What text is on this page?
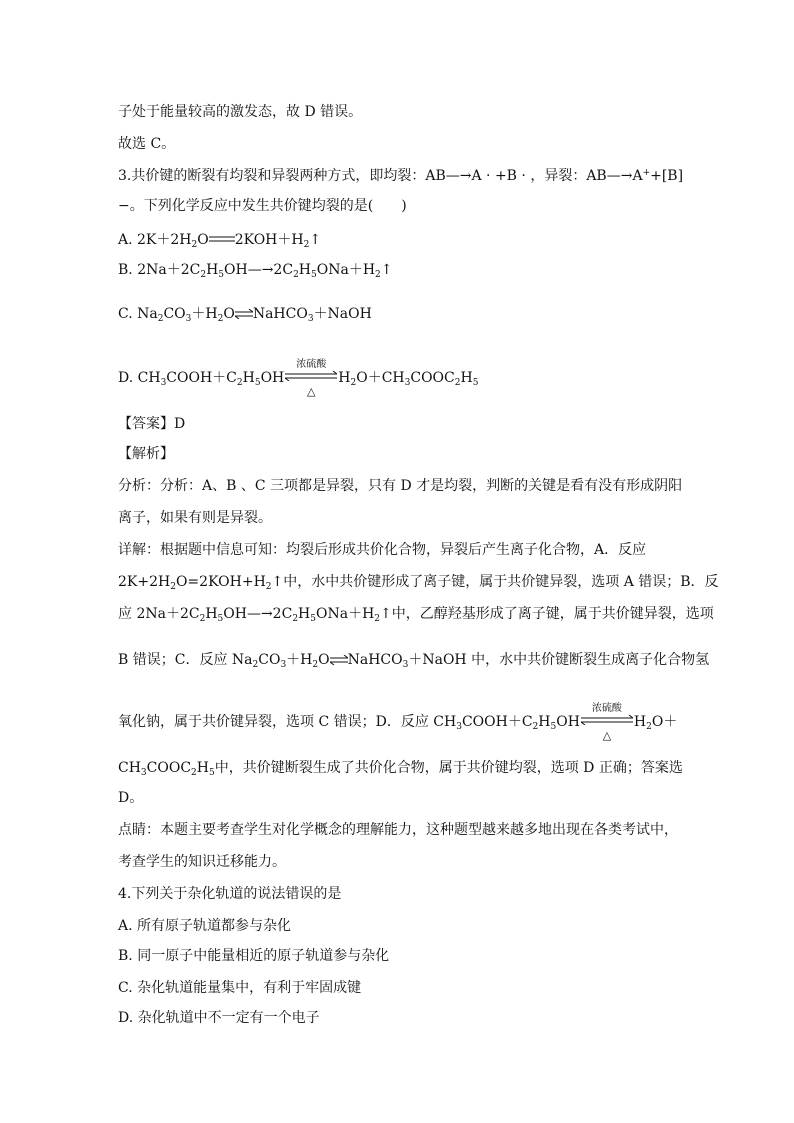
子处于能量较高的激发态，故 D 错误。
故选 C。
3.共价键的断裂有均裂和异裂两种方式，即均裂：AB—→A · +B · ，异裂：AB—→A++[B]
−。下列化学反应中发生共价键均裂的是(　　)
A. $2K+2H_2O$ $2KOH+H_2↑$
B. $2Na+2C_2H_5OH—\to 2C_2H_5ONa+H_2↑$
C. $Na_2CO_3+H_2O\rightleftharpoons NaHCO_3+NaOH$
D. $CH_3COOH+C_2H_5OH$
浓硫酸
△
$H_2O+CH_3COOC_2H_5$
【答案】D
【解析】
分析：分析：A、B 、C 三项都是异裂，只有 D 才是均裂，判断的关键是看有没有形成阴阳
离子，如果有则是异裂。
详解：根据题中信息可知：均裂后形成共价化合物，异裂后产生离子化合物，A．反应
$2K+2H_2O=2KOH+H_2↑$中，水中共价键形成了离子键，属于共价键异裂，选项 A 错误；B．反
应 $2Na+2C_2H_5OH—\to 2C_2H_5ONa+H_2↑$中，乙醇羟基形成了离子键，属于共价键异裂，选项
B 错误；C．反应 $Na_2CO_3+H_2O\rightleftharpoons NaHCO_3+NaOH$ 中，水中共价键断裂生成离子化合物氢
氧化钠，属于共价键异裂，选项 C 错误；D．反应 $CH_3COOH+C_2H_5OH$
浓硫酸
△
$H_2O+$
$CH_3COOC_2H_5$中，共价键断裂生成了共价化合物，属于共价键均裂，选项 D 正确；答案选
D。
点睛：本题主要考查学生对化学概念的理解能力，这种题型越来越多地出现在各类考试中，
考查学生的知识迁移能力。
4.下列关于杂化轨道的说法错误的是
A. 所有原子轨道都参与杂化
B. 同一原子中能量相近的原子轨道参与杂化
C. 杂化轨道能量集中，有利于牢固成键
D. 杂化轨道中不一定有一个电子
